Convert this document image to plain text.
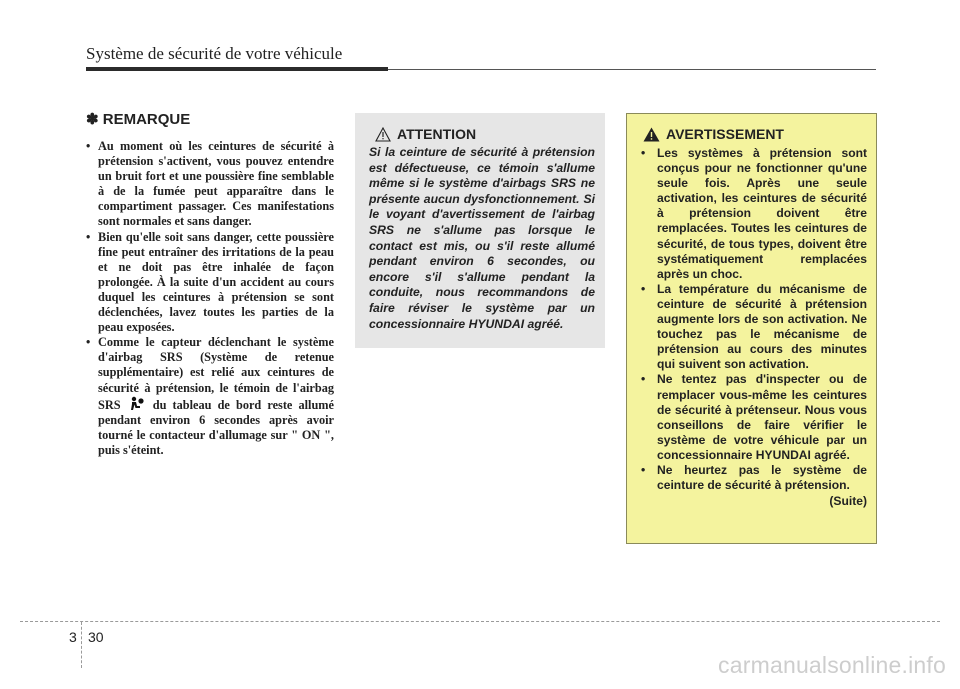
Système de sécurité de votre véhicule
✽ REMARQUE
• Au moment où les ceintures de sécurité à prétension s'activent, vous pouvez entendre un bruit fort et une poussière fine semblable à de la fumée peut apparaître dans le compartiment passager. Ces manifestations sont normales et sans danger.
• Bien qu'elle soit sans danger, cette poussière fine peut entraîner des irritations de la peau et ne doit pas être inhalée de façon prolongée. À la suite d'un accident au cours duquel les ceintures à prétension se sont déclenchées, lavez toutes les parties de la peau exposées.
• Comme le capteur déclenchant le système d'airbag SRS (Système de retenue supplémentaire) est relié aux ceintures de sécurité à prétension, le témoin de l'airbag SRS	du tableau de bord reste allumé pendant environ 6 secondes après avoir tourné le contacteur d'allumage sur " ON ", puis s'éteint.
ATTENTION
Si la ceinture de sécurité à prétension est défectueuse, ce témoin s'allume même si le système d'airbags SRS ne présente aucun dysfonctionnement. Si le voyant d'avertissement de l'airbag SRS ne s'allume pas lorsque le contact est mis, ou s'il reste allumé pendant environ 6 secondes, ou encore s'il s'allume pendant la conduite, nous recommandons de faire réviser le système par un concessionnaire HYUNDAI agréé.
AVERTISSEMENT
• Les systèmes à prétension sont conçus pour ne fonctionner qu'une seule fois. Après une seule activation, les ceintures de sécurité à prétension doivent être remplacées. Toutes les ceintures de sécurité, de tous types, doivent être systématiquement remplacées après un choc.
• La température du mécanisme de ceinture de sécurité à prétension augmente lors de son activation. Ne touchez pas le mécanisme de prétension au cours des minutes qui suivent son activation.
• Ne tentez pas d'inspecter ou de remplacer vous-même les ceintures de sécurité à prétenseur. Nous vous conseillons de faire vérifier le système de votre véhicule par un concessionnaire HYUNDAI agréé.
• Ne heurtez pas le système de ceinture de sécurité à prétension.
(Suite)
3 30
carmanualsonline.info
